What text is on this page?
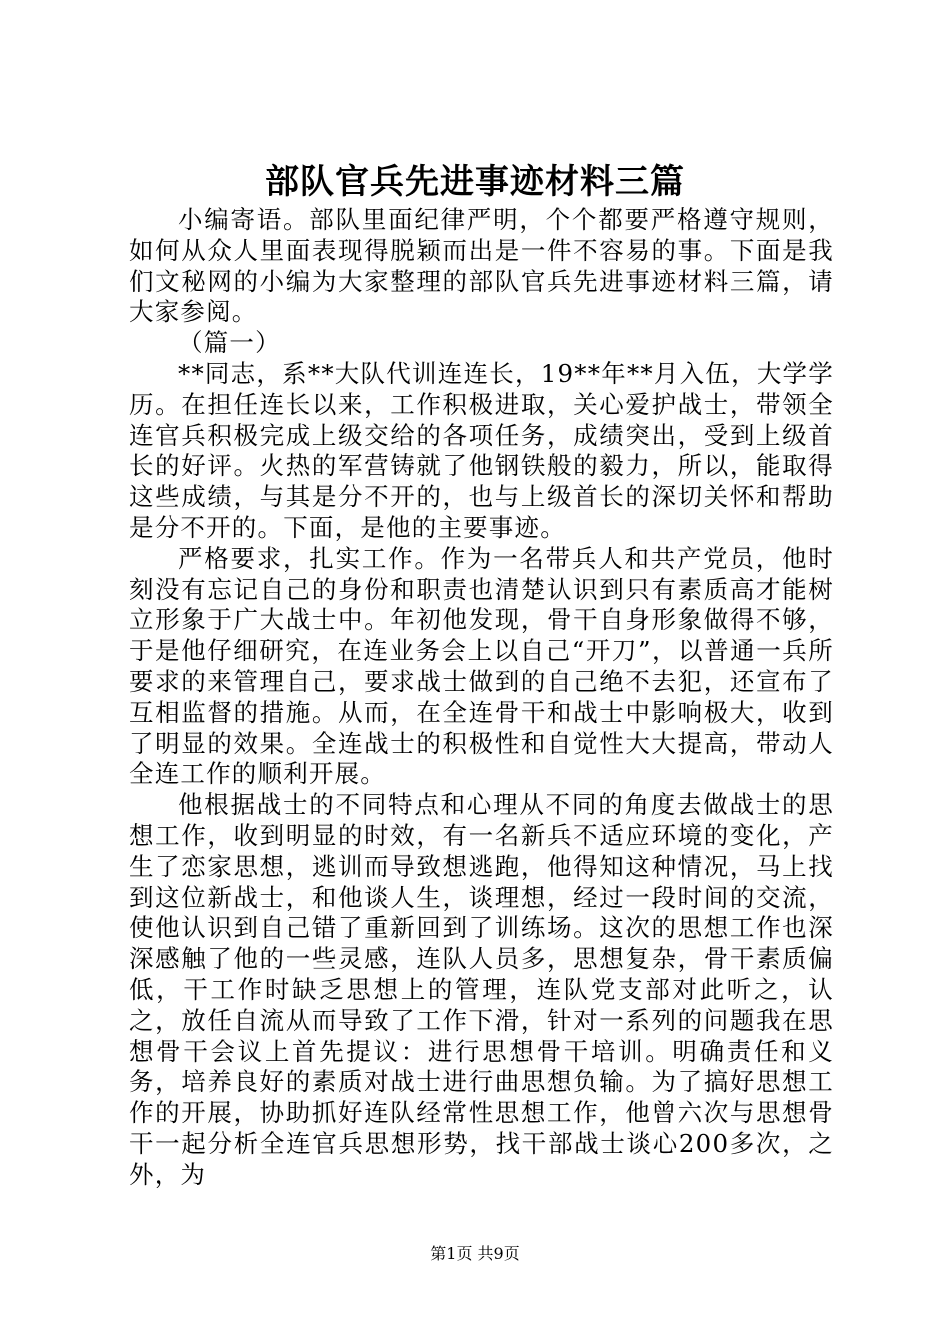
部队官兵先进事迹材料三篇

小编寄语。部队里面纪律严明，个个都要严格遵守规则，如何从众人里面表现得脱颖而出是一件不容易的事。下面是我们文秘网的小编为大家整理的部队官兵先进事迹材料三篇，请大家参阅。

（篇一）

**同志，系**大队代训连连长，19**年**月入伍，大学学历。在担任连长以来，工作积极进取，关心爱护战士，带领全连官兵积极完成上级交给的各项任务，成绩突出，受到上级首长的好评。火热的军营铸就了他钢铁般的毅力，所以，能取得这些成绩，与其是分不开的，也与上级首长的深切关怀和帮助是分不开的。下面，是他的主要事迹。

严格要求，扎实工作。作为一名带兵人和共产党员，他时刻没有忘记自己的身份和职责也清楚认识到只有素质高才能树立形象于广大战士中。年初他发现，骨干自身形象做得不够，于是他仔细研究，在连业务会上以自己“开刀”，以普通一兵所要求的来管理自己，要求战士做到的自己绝不去犯，还宣布了互相监督的措施。从而，在全连骨干和战士中影响极大，收到了明显的效果。全连战士的积极性和自觉性大大提高，带动人全连工作的顺利开展。

他根据战士的不同特点和心理从不同的角度去做战士的思想工作，收到明显的时效，有一名新兵不适应环境的变化，产生了恋家思想，逃训而导致想逃跑，他得知这种情况，马上找到这位新战士，和他谈人生，谈理想，经过一段时间的交流，使他认识到自己错了重新回到了训练场。这次的思想工作也深深感触了他的一些灵感，连队人员多，思想复杂，骨干素质偏低，干工作时缺乏思想上的管理，连队党支部对此听之，认之，放任自流从而导致了工作下滑，针对一系列的问题我在思想骨干会议上首先提议：进行思想骨干培训。明确责任和义务，培养良好的素质对战士进行曲思想负输。为了搞好思想工作的开展，协助抓好连队经常性思想工作，他曾六次与思想骨干一起分析全连官兵思想形势，找干部战士谈心200多次，之外，为

第1页 共9页
